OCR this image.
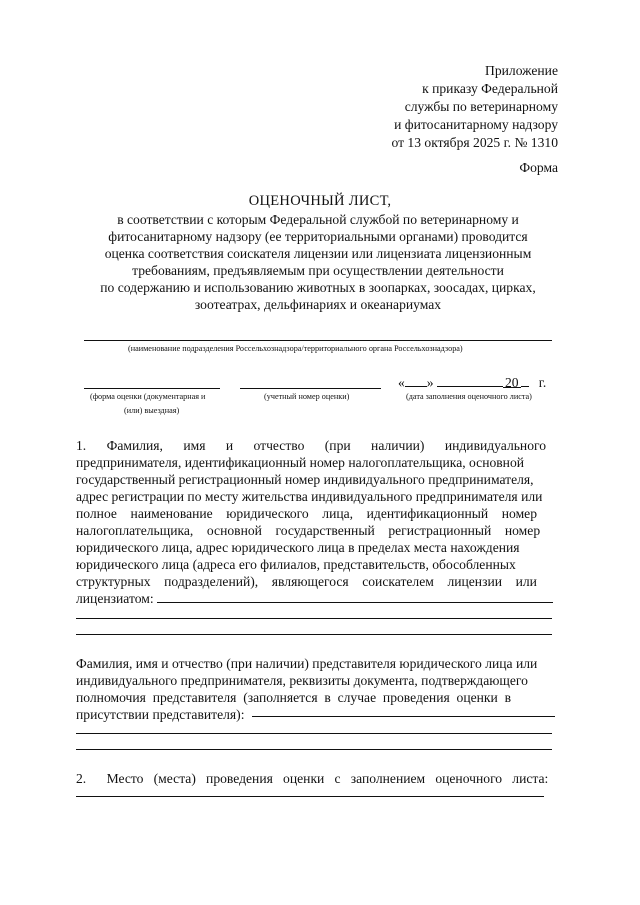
Приложение
к приказу Федеральной
службы по ветеринарному
и фитосанитарному надзору
от 13 октября 2025 г. № 1310
Форма
ОЦЕНОЧНЫЙ ЛИСТ,
в соответствии с которым Федеральной службой по ветеринарному и
фитосанитарному надзору (ее территориальными органами) проводится
оценка соответствия соискателя лицензии или лицензиата лицензионным
требованиям, предъявляемым при осуществлении деятельности
по содержанию и использованию животных в зоопарках, зоосадах, цирках,
зоотеатрах, дельфинариях и океанариумах
(наименование подразделения Россельхознадзора/территориального органа Россельхознадзора)
(форма оценки (документарная и
(или) выездная)
(учетный номер оценки)
« »	20 г.
(дата заполнения оценочного листа)

1.      Фамилия,      имя      и      отчество      (при      наличии)      индивидуального

предпринимателя, идентификационный номер налогоплательщика, основной

государственный регистрационный номер индивидуального предпринимателя,

адрес регистрации по месту жительства индивидуального предпринимателя или

полное    наименование    юридического    лица,    идентификационный    номер

налогоплательщика,    основной    государственный    регистрационный    номер

юридического лица, адрес юридического лица в пределах места нахождения

юридического лица (адреса его филиалов, представительств, обособленных

структурных    подразделений),    являющегося    соискателем    лицензии    или

лицензиатом:

Фамилия, имя и отчество (при наличии) представителя юридического лица или

индивидуального предпринимателя, реквизиты документа, подтверждающего

полномочия  представителя  (заполняется  в  случае  проведения  оценки  в

присутствии представителя):

2.      Место   (места)   проведения   оценки   с   заполнением   оценочного   листа:
